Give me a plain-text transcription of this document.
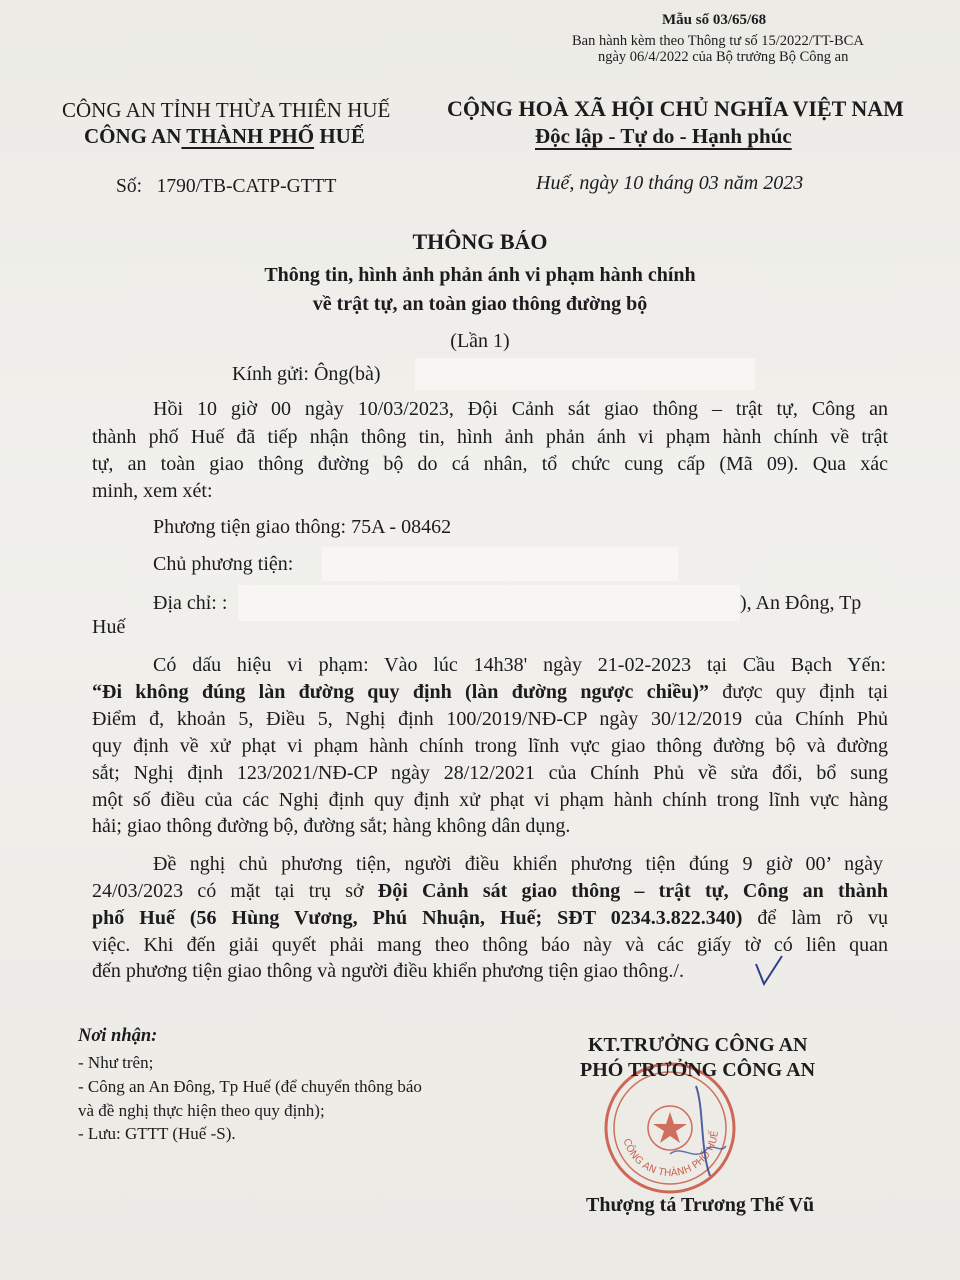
Mẫu số 03/65/68
Ban hành kèm theo Thông tư số 15/2022/TT-BCA
ngày 06/4/2022 của Bộ trưởng Bộ Công an
CÔNG AN TỈNH THỪA THIÊN HUẾ
CÔNG AN THÀNH PHỐ HUẾ
CỘNG HOÀ XÃ HỘI CHỦ NGHĨA VIỆT NAM
Độc lập - Tự do - Hạnh phúc
Số: 1790/TB-CATP-GTTT	Huế, ngày 10 tháng 03 năm 2023
THÔNG BÁO
Thông tin, hình ảnh phản ánh vi phạm hành chính
về trật tự, an toàn giao thông đường bộ
(Lần 1)
Kính gửi: Ông(bà)
Hồi 10 giờ 00 ngày 10/03/2023, Đội Cảnh sát giao thông – trật tự, Công an
thành phố Huế đã tiếp nhận thông tin, hình ảnh phản ánh vi phạm hành chính về trật
tự, an toàn giao thông đường bộ do cá nhân, tổ chức cung cấp (Mã 09). Qua xác
minh, xem xét:
Phương tiện giao thông: 75A - 08462
Chủ phương tiện:
Địa chỉ: :	), An Đông, Tp
Huế
Có dấu hiệu vi phạm: Vào lúc 14h38' ngày 21-02-2023 tại Cầu Bạch Yến:
“Đi không đúng làn đường quy định (làn đường ngược chiều)” được quy định tại
Điểm đ, khoản 5, Điều 5, Nghị định 100/2019/NĐ-CP ngày 30/12/2019 của Chính Phủ
quy định về xử phạt vi phạm hành chính trong lĩnh vực giao thông đường bộ và đường
sắt; Nghị định 123/2021/NĐ-CP ngày 28/12/2021 của Chính Phủ về sửa đổi, bổ sung
một số điều của các Nghị định quy định xử phạt vi phạm hành chính trong lĩnh vực hàng
hải; giao thông đường bộ, đường sắt; hàng không dân dụng.
Đề nghị chủ phương tiện, người điều khiển phương tiện đúng 9 giờ 00’ ngày
24/03/2023 có mặt tại trụ sở Đội Cảnh sát giao thông – trật tự, Công an thành
phố Huế (56 Hùng Vương, Phú Nhuận, Huế; SĐT 0234.3.822.340) để làm rõ vụ
việc. Khi đến giải quyết phải mang theo thông báo này và các giấy tờ có liên quan
đến phương tiện giao thông và người điều khiển phương tiện giao thông./.
Nơi nhận:
- Như trên;
- Công an An Đông, Tp Huế (để chuyển thông báo
và đề nghị thực hiện theo quy định);
- Lưu: GTTT (Huế -S).	CÔNG AN THÀNH PHỐ HUẾ
KT.TRƯỞNG CÔNG AN
PHÓ TRƯỞNG CÔNG AN
Thượng tá Trương Thế Vũ
